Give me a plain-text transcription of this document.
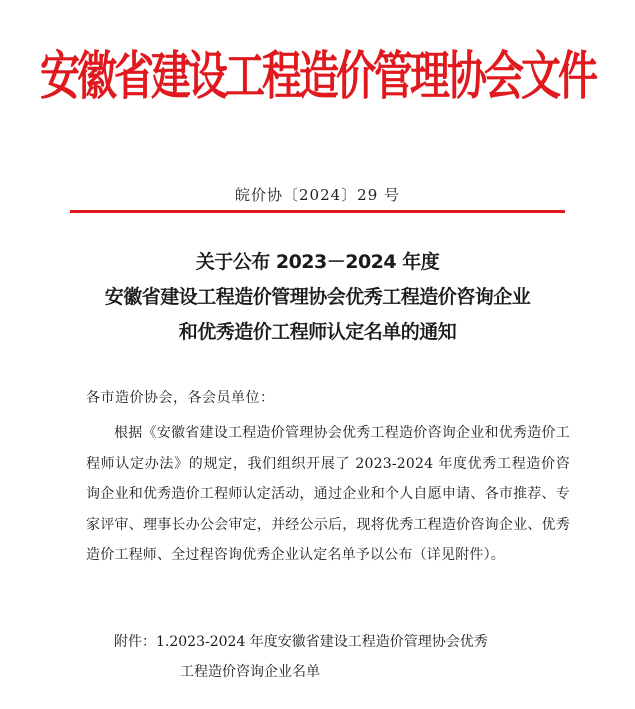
安徽省建设工程造价管理协会文件
皖价协〔2024〕29 号
关于公布 2023－2024 年度
安徽省建设工程造价管理协会优秀工程造价咨询企业
和优秀造价工程师认定名单的通知
各市造价协会，各会员单位：
根据《安徽省建设工程造价管理协会优秀工程造价咨询企业和优秀造价工程师认定办法》的规定，我们组织开展了 2023-2024 年度优秀工程造价咨询企业和优秀造价工程师认定活动，通过企业和个人自愿申请、各市推荐、专家评审、理事长办公会审定，并经公示后，现将优秀工程造价咨询企业、优秀造价工程师、全过程咨询优秀企业认定名单予以公布（详见附件）。
附件：1.2023-2024 年度安徽省建设工程造价管理协会优秀
工程造价咨询企业名单
